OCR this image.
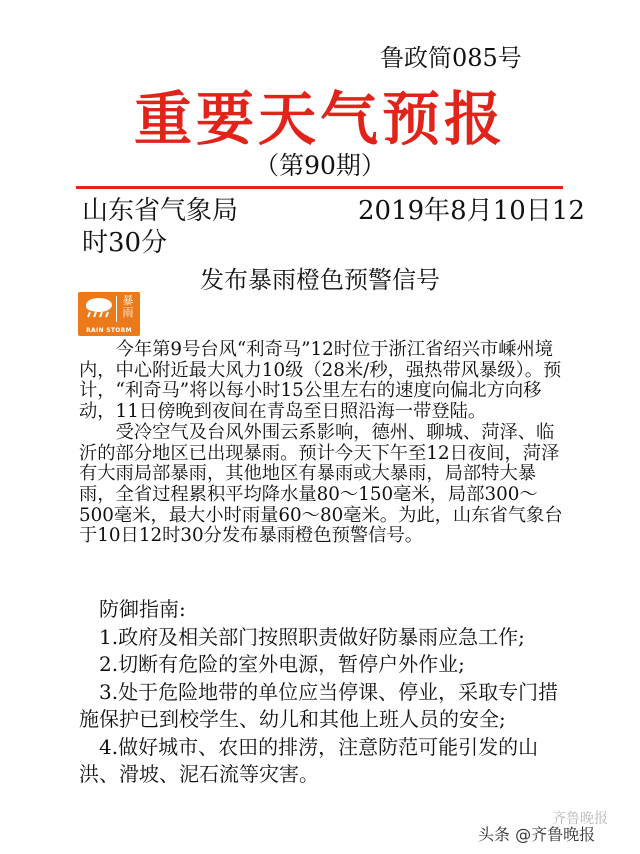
鲁政简085号
重要天气预报
（第90期）
山东省气象局	2019年8月10日12
时30分
发布暴雨橙色预警信号
暴
雨
RAIN STORM

今年第9号台风“利奇马”12时位于浙江省绍兴市嵊州境内，中心附近最大风力10级（28米/秒，强热带风暴级）。预计，“利奇马”将以每小时15公里左右的速度向偏北方向移动，11日傍晚到夜间在青岛至日照沿海一带登陆。

受冷空气及台风外围云系影响，德州、聊城、菏泽、临沂的部分地区已出现暴雨。预计今天下午至12日夜间，菏泽有大雨局部暴雨，其他地区有暴雨或大暴雨，局部特大暴雨，全省过程累积平均降水量80～150毫米，局部300～500毫米，最大小时雨量60～80毫米。为此，山东省气象台于10日12时30分发布暴雨橙色预警信号。

防御指南:

1.政府及相关部门按照职责做好防暴雨应急工作;

2.切断有危险的室外电源，暂停户外作业;

3.处于危险地带的单位应当停课、停业，采取专门措施保护已到校学生、幼儿和其他上班人员的安全;

4.做好城市、农田的排涝，注意防范可能引发的山洪、滑坡、泥石流等灾害。

齐鲁晚报
头条 @齐鲁晚报
